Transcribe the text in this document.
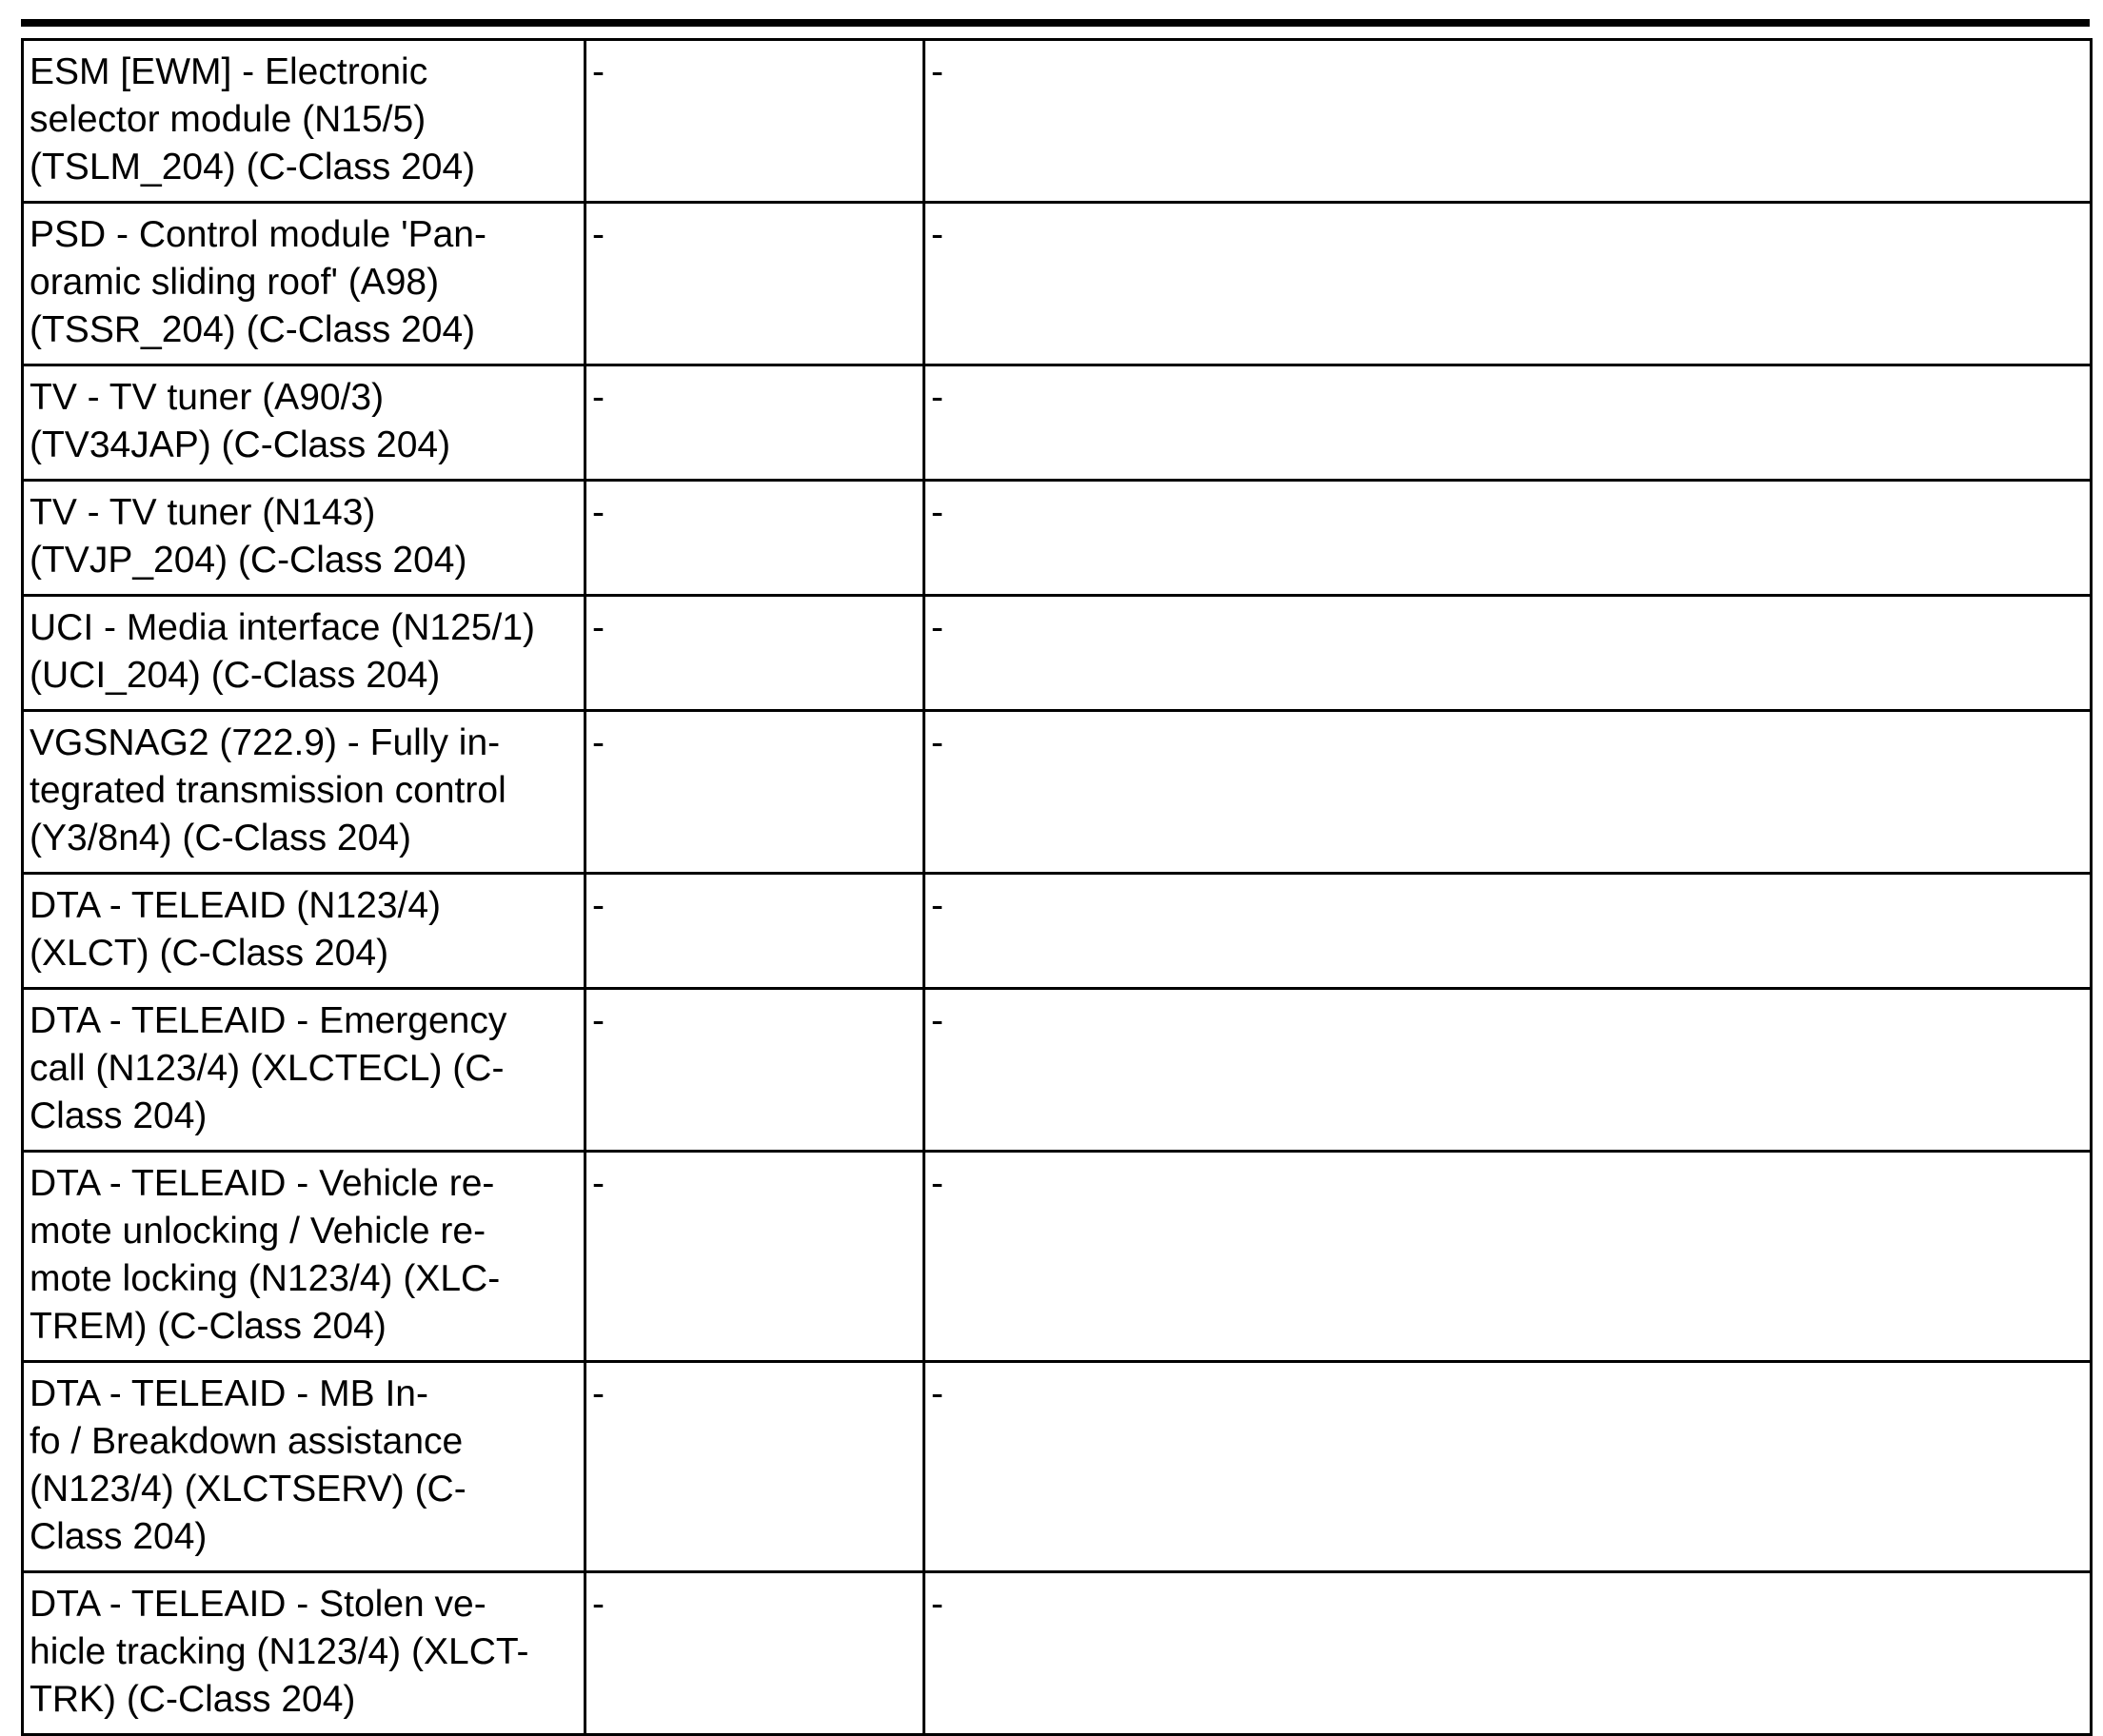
ESM [EWM] - Electronic
selector module (N15/5)
(TSLM_204) (C-Class 204)	-	-

PSD - Control module 'Pan-
oramic sliding roof' (A98)
(TSSR_204) (C-Class 204)	-	-

TV - TV tuner (A90/3)
(TV34JAP) (C-Class 204)	-	-

TV - TV tuner (N143)
(TVJP_204) (C-Class 204)	-	-

UCI - Media interface (N125/1)
(UCI_204) (C-Class 204)	-	-

VGSNAG2 (722.9) - Fully in-
tegrated transmission control
(Y3/8n4) (C-Class 204)	-	-

DTA - TELEAID (N123/4)
(XLCT) (C-Class 204)	-	-

DTA - TELEAID - Emergency
call (N123/4) (XLCTECL) (C-
Class 204)	-	-

DTA - TELEAID - Vehicle re-
mote unlocking / Vehicle re-
mote locking (N123/4) (XLC-
TREM) (C-Class 204)	-	-

DTA - TELEAID - MB In-
fo / Breakdown assistance
(N123/4) (XLCTSERV) (C-
Class 204)	-	-

DTA - TELEAID - Stolen ve-
hicle tracking (N123/4) (XLCT-
TRK) (C-Class 204)	-	-
